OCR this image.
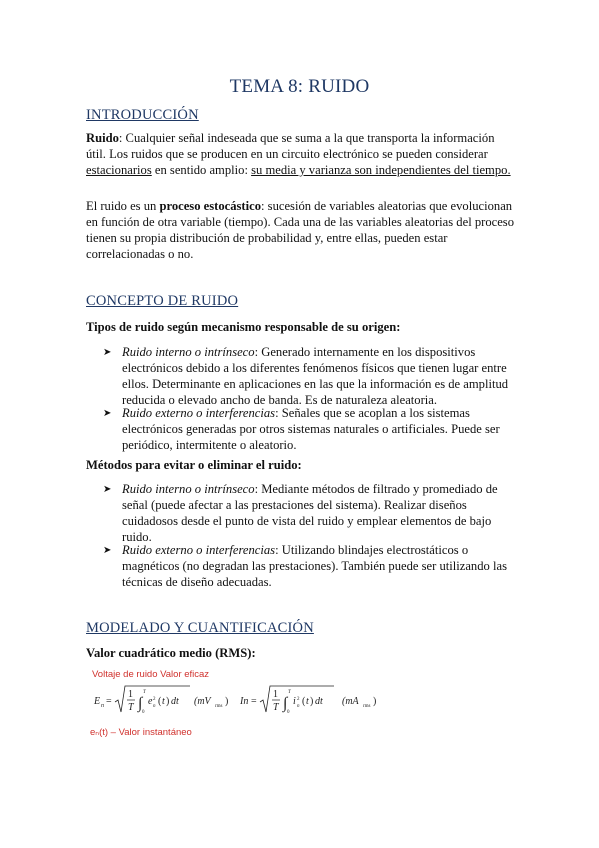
TEMA 8: RUIDO
INTRODUCCIÓN
Ruido: Cualquier señal indeseada que se suma a la que transporta la información útil. Los ruidos que se producen en un circuito electrónico se pueden considerar estacionarios en sentido amplio: su media y varianza son independientes del tiempo.
El ruido es un proceso estocástico: sucesión de variables aleatorias que evolucionan en función de otra variable (tiempo). Cada una de las variables aleatorias del proceso tienen su propia distribución de probabilidad y, entre ellas, pueden estar correlacionadas o no.
CONCEPTO DE RUIDO
Tipos de ruido según mecanismo responsable de su origen:
➤ Ruido interno o intrínseco: Generado internamente en los dispositivos electrónicos debido a los diferentes fenómenos físicos que tienen lugar entre ellos. Determinante en aplicaciones en las que la información es de amplitud reducida o elevado ancho de banda. Es de naturaleza aleatoria.
➤ Ruido externo o interferencias: Señales que se acoplan a los sistemas electrónicos generadas por otros sistemas naturales o artificiales. Puede ser periódico, intermitente o aleatorio.
Métodos para evitar o eliminar el ruido:
➤ Ruido interno o intrínseco: Mediante métodos de filtrado y promediado de señal (puede afectar a las prestaciones del sistema). Realizar diseños cuidadosos desde el punto de vista del ruido y emplear elementos de bajo ruido.
➤ Ruido externo o interferencias: Utilizando blindajes electrostáticos o magnéticos (no degradan las prestaciones). También puede ser utilizando las técnicas de diseño adecuadas.
MODELADO Y CUANTIFICACIÓN
Valor cuadrático medio (RMS):
Voltaje de ruido Valor eficaz
E n =
1
T ∫
T
0
e 2
n ( t ) dt (mV rms ) In =
1
T ∫
T
0
i 2
n ( t ) dt (mA rms )
eₙ(t) – Valor instantáneo
